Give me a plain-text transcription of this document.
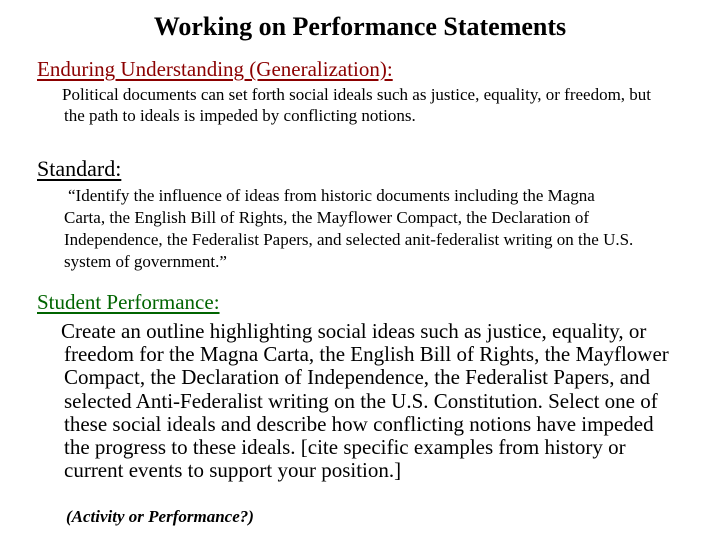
Working on Performance Statements
Enduring Understanding (Generalization):

Political documents can set forth social ideals such as justice, equality, or freedom, but the path to ideals is impeded by conflicting notions.

Standard:

“Identify the influence of ideas from historic documents including the Magna Carta, the English Bill of Rights, the Mayflower Compact, the Declaration of Independence, the Federalist Papers, and selected anit-federalist writing on the U.S. system of government.”

Student Performance:

Create an outline highlighting social ideas such as justice, equality, or freedom for the Magna Carta, the English Bill of Rights, the Mayflower Compact, the Declaration of Independence, the Federalist Papers, and selected Anti-Federalist writing on the U.S. Constitution. Select one of these social ideals and describe how conflicting notions have impeded the progress to these ideals. [cite specific examples from history or current events to support your position.]

(Activity or Performance?)
